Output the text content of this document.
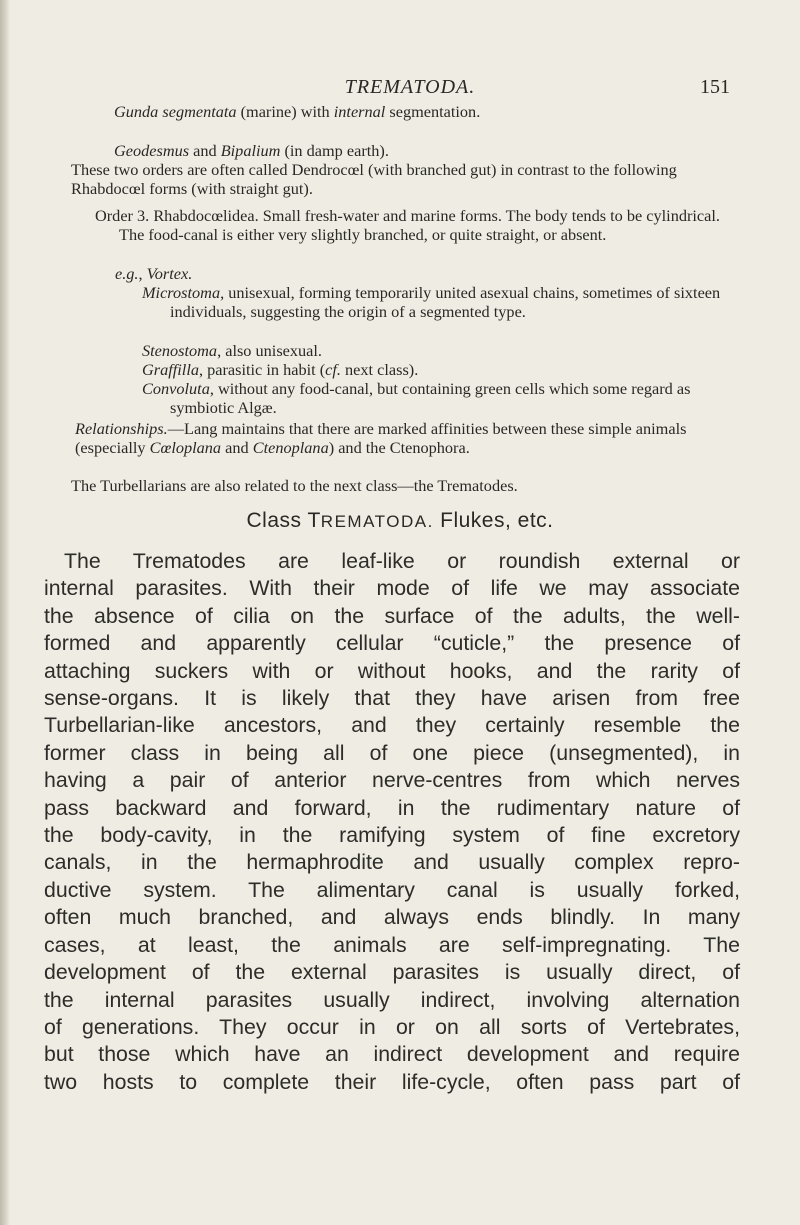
TREMATODA.	151
Gunda segmentata (marine) with internal segmentation.
Geodesmus and Bipalium (in damp earth).
These two orders are often called Dendrocœl (with branched gut) in contrast to the following Rhabdocœl forms (with straight gut).
Order 3. Rhabdocœlidea. Small fresh-water and marine forms. The body tends to be cylindrical. The food-canal is either very slightly branched, or quite straight, or absent.
e.g., Vortex.
Microstoma, unisexual, forming temporarily united asexual chains, sometimes of sixteen individuals, suggesting the origin of a segmented type.
Stenostoma, also unisexual.
Graffilla, parasitic in habit (cf. next class).
Convoluta, without any food-canal, but containing green cells which some regard as symbiotic Algæ.
Relationships.—Lang maintains that there are marked affinities between these simple animals (especially Cœloplana and Ctenoplana) and the Ctenophora.
The Turbellarians are also related to the next class—the Trematodes.
Class TREMATODA. Flukes, etc.
The Trematodes are leaf-like or roundish external or
internal parasites. With their mode of life we may associate
the absence of cilia on the surface of the adults, the well-
formed and apparently cellular “cuticle,” the presence of
attaching suckers with or without hooks, and the rarity of
sense-organs. It is likely that they have arisen from free
Turbellarian-like ancestors, and they certainly resemble the
former class in being all of one piece (unsegmented), in
having a pair of anterior nerve-centres from which nerves
pass backward and forward, in the rudimentary nature of
the body-cavity, in the ramifying system of fine excretory
canals, in the hermaphrodite and usually complex repro-
ductive system. The alimentary canal is usually forked,
often much branched, and always ends blindly. In many
cases, at least, the animals are self-impregnating. The
development of the external parasites is usually direct, of
the internal parasites usually indirect, involving alternation
of generations. They occur in or on all sorts of Vertebrates,
but those which have an indirect development and require
two hosts to complete their life-cycle, often pass part of
